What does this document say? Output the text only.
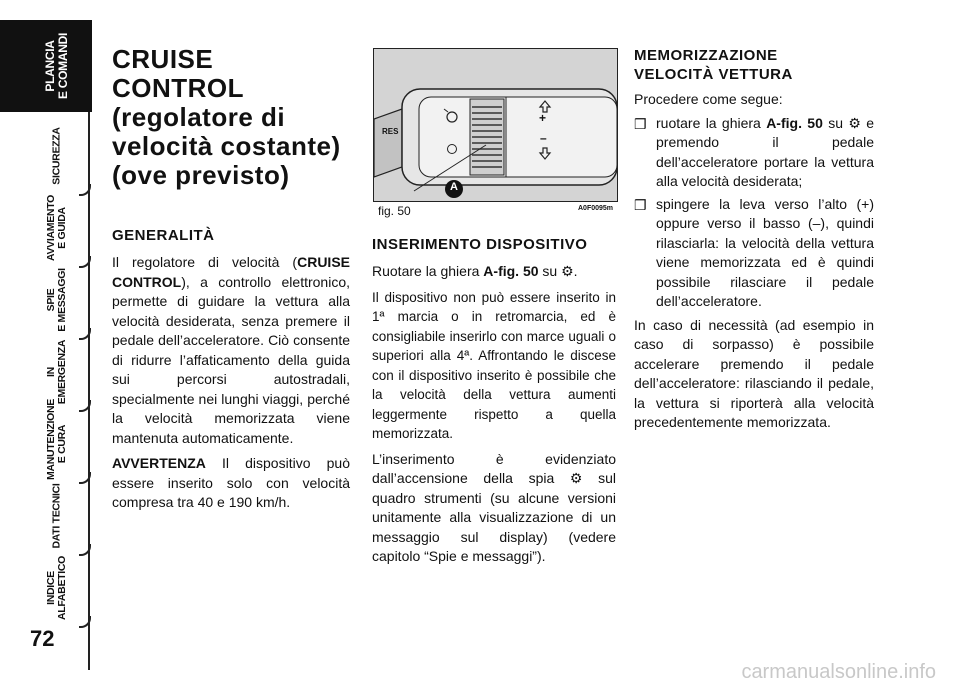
PLANCIA
E COMANDI
SICUREZZA
AVVIAMENTO
E GUIDA
SPIE
E MESSAGGI
IN EMERGENZA
MANUTENZIONE
E CURA
DATI TECNICI
INDICE
ALFABETICO
72
CRUISE CONTROL
(regolatore di
velocità costante)
(ove previsto)
GENERALITÀ

Il regolatore di velocità (CRUISE CONTROL), a controllo elettronico, permette di guidare la vettura alla velocità desiderata, senza premere il pedale dell’acceleratore. Ciò consente di ridurre l’affaticamento della guida sui percorsi autostradali, specialmente nei lunghi viaggi, perché la velocità memorizzata viene mantenuta automaticamente.

AVVERTENZA Il dispositivo può essere inserito solo con velocità compresa tra 40 e 190 km/h.

RES
+
–
A
fig. 50	A0F0095m
INSERIMENTO DISPOSITIVO

Ruotare la ghiera A-fig. 50 su ⚙.

Il dispositivo non può essere inserito in 1ª marcia o in retromarcia, ed è consigliabile inserirlo con marce uguali o superiori alla 4ª. Affrontando le discese con il dispositivo inserito è possibile che la velocità della vettura aumenti leggermente rispetto a quella memorizzata.

L’inserimento è evidenziato dall’accensione della spia ⚙ sul quadro strumenti (su alcune versioni unitamente alla visualizzazione di un messaggio sul display) (vedere capitolo “Spie e messaggi”).

MEMORIZZAZIONE
VELOCITÀ VETTURA

Procedere come segue:

❒ ruotare la ghiera A-fig. 50 su ⚙ e premendo il pedale dell’acceleratore portare la vettura alla velocità desiderata;
❒ spingere la leva verso l’alto (+) oppure verso il basso (–), quindi rilasciarla: la velocità della vettura viene memorizzata ed è quindi possibile rilasciare il pedale dell’acceleratore.

In caso di necessità (ad esempio in caso di sorpasso) è possibile accelerare premendo il pedale dell’acceleratore: rilasciando il pedale, la vettura si riporterà alla velocità precedentemente memorizzata.

carmanualsonline.info
